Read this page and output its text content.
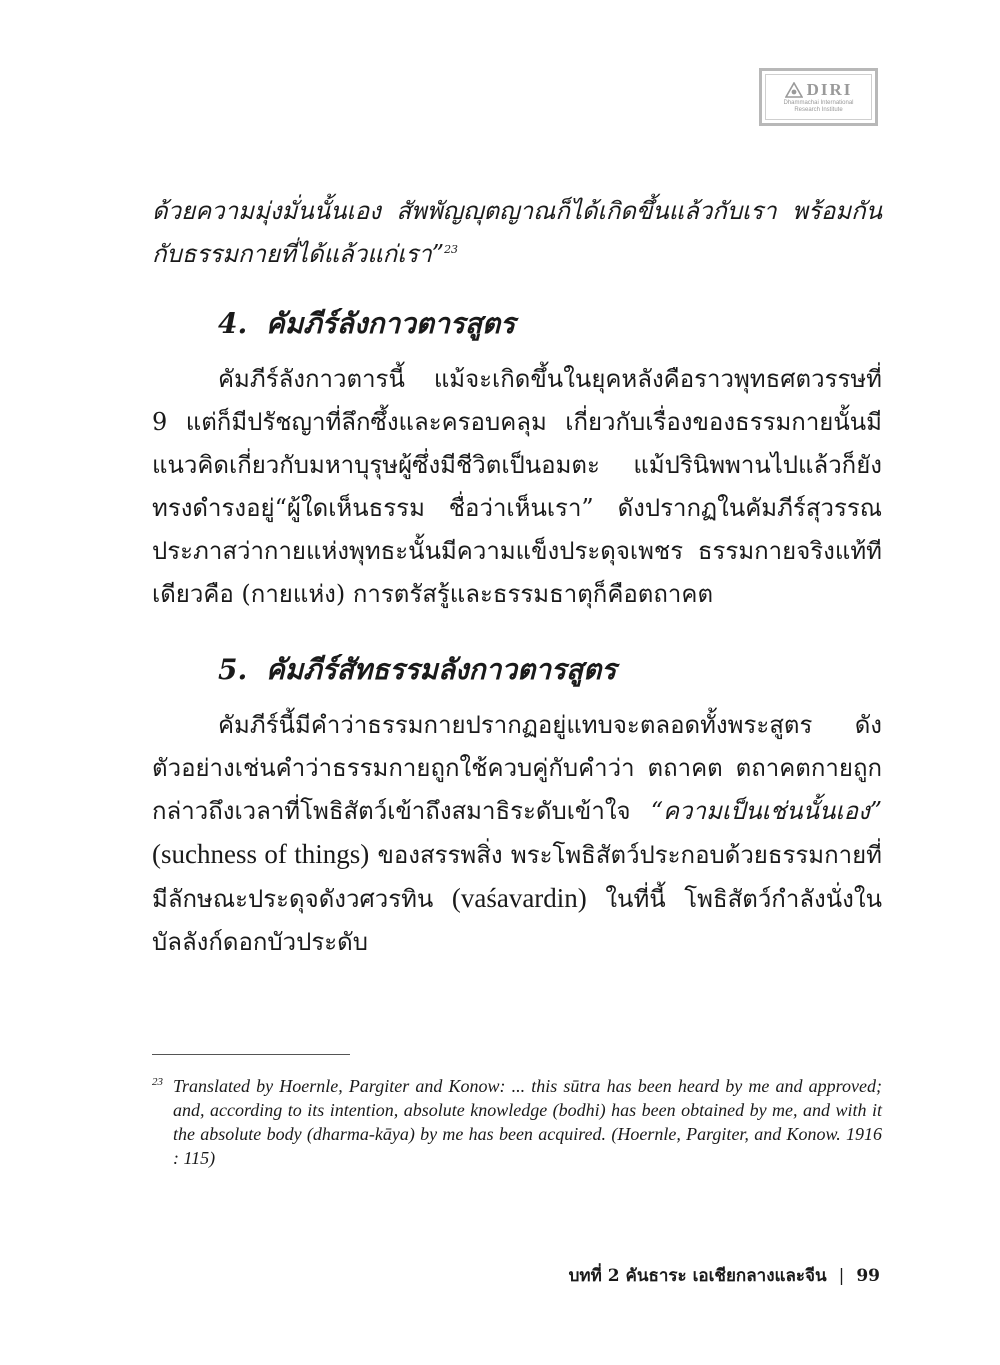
DIRI
Dhammachai International
Research Institute

ด้วยความมุ่งมั่นนั้นเอง สัพพัญญุตญาณก็ได้เกิดขึ้นแล้วกับเรา พร้อมกันกับธรรมกายที่ได้แล้วแก่เรา”$^{23}$

4. คัมภีร์ลังกาวตารสูตร

คัมภีร์ลังกาวตารนี้ แม้จะเกิดขึ้นในยุคหลังคือราวพุทธศตวรรษที่ 9 แต่ก็มีปรัชญาที่ลึกซึ้งและครอบคลุม เกี่ยวกับเรื่องของธรรมกายนั้นมีแนวคิดเกี่ยวกับมหาบุรุษผู้ซึ่งมีชีวิตเป็นอมตะ แม้ปรินิพพานไปแล้วก็ยังทรงดำรงอยู่“ผู้ใดเห็นธรรม ชื่อว่าเห็นเรา” ดังปรากฏในคัมภีร์สุวรรณประภาสว่ากายแห่งพุทธะนั้นมีความแข็งประดุจเพชร ธรรมกายจริงแท้ทีเดียวคือ (กายแห่ง) การตรัสรู้และธรรมธาตุก็คือตถาคต

5. คัมภีร์สัทธรรมลังกาวตารสูตร

คัมภีร์นี้มีคำว่าธรรมกายปรากฏอยู่แทบจะตลอดทั้งพระสูตร ดังตัวอย่างเช่นคำว่าธรรมกายถูกใช้ควบคู่กับคำว่า ตถาคต ตถาคตกายถูกกล่าวถึงเวลาที่โพธิสัตว์เข้าถึงสมาธิระดับเข้าใจ “ความเป็นเช่นนั้นเอง” (suchness of things) ของสรรพสิ่ง พระโพธิสัตว์ประกอบด้วยธรรมกายที่มีลักษณะประดุจดังวศวรทิน (vaśavardin) ในที่นี้ โพธิสัตว์กำลังนั่งในบัลลังก์ดอกบัวประดับ

23 Translated by Hoernle, Pargiter and Konow: ... this sūtra has been heard by me and approved; and, according to its intention, absolute knowledge (bodhi) has been obtained by me, and with it the absolute body (dharma-kāya) by me has been acquired. (Hoernle, Pargiter, and Konow. 1916 : 115)

บทที่ 2 คันธาระ เอเชียกลางและจีน | 99
